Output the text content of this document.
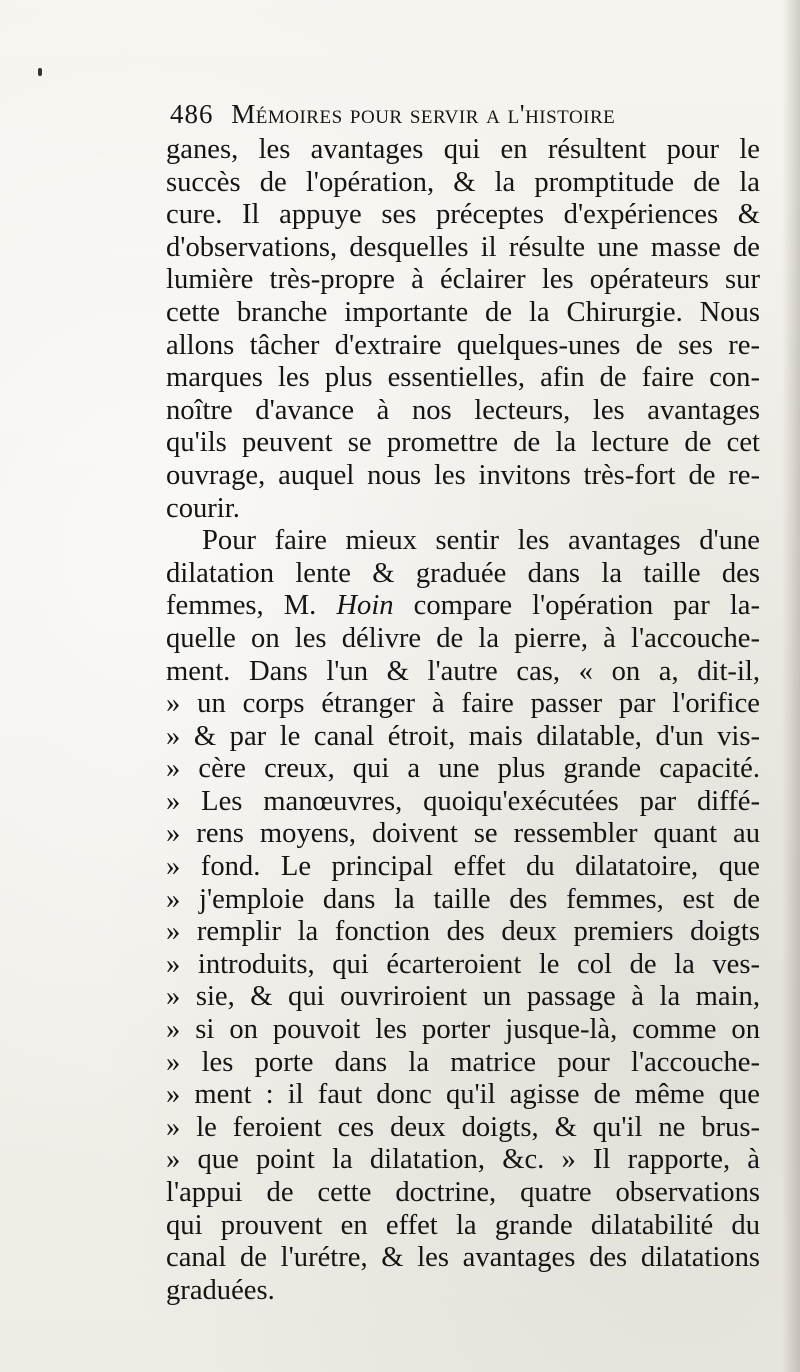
486 Mémoires pour servir a l'histoire
ganes, les avantages qui en résultent pour le
succès de l'opération, & la promptitude de la
cure. Il appuye ses préceptes d'expériences &
d'observations, desquelles il résulte une masse de
lumière très-propre à éclairer les opérateurs sur
cette branche importante de la Chirurgie. Nous
allons tâcher d'extraire quelques-unes de ses re-
marques les plus essentielles, afin de faire con-
noître d'avance à nos lecteurs, les avantages
qu'ils peuvent se promettre de la lecture de cet
ouvrage, auquel nous les invitons très-fort de re-
courir.
Pour faire mieux sentir les avantages d'une
dilatation lente & graduée dans la taille des
femmes, M. Hoin compare l'opération par la-
quelle on les délivre de la pierre, à l'accouche-
ment. Dans l'un & l'autre cas, « on a, dit-il,
» un corps étranger à faire passer par l'orifice
» & par le canal étroit, mais dilatable, d'un vis-
» cère creux, qui a une plus grande capacité.
» Les manœuvres, quoiqu'exécutées par diffé-
» rens moyens, doivent se ressembler quant au
» fond. Le principal effet du dilatatoire, que
» j'emploie dans la taille des femmes, est de
» remplir la fonction des deux premiers doigts
» introduits, qui écarteroient le col de la ves-
» sie, & qui ouvriroient un passage à la main,
» si on pouvoit les porter jusque-là, comme on
» les porte dans la matrice pour l'accouche-
» ment : il faut donc qu'il agisse de même que
» le feroient ces deux doigts, & qu'il ne brus-
» que point la dilatation, &c. » Il rapporte, à
l'appui de cette doctrine, quatre observations
qui prouvent en effet la grande dilatabilité du
canal de l'urétre, & les avantages des dilatations
graduées.
